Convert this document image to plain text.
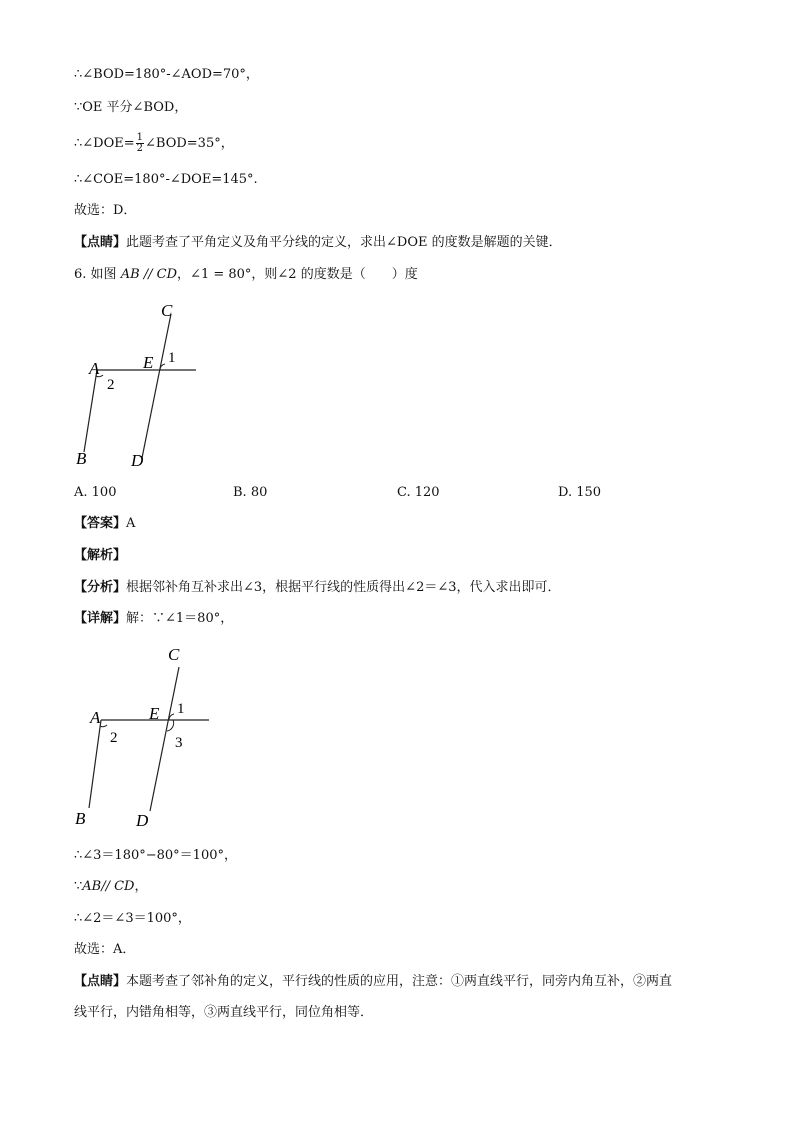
∴∠BOD=180°-∠AOD=70°，
∵OE 平分∠BOD，
∴∠DOE= $\frac{1}{2}$ ∠BOD=35°，
∴∠COE=180°-∠DOE=145°.
故选：D．
【点睛】此题考查了平角定义及角平分线的定义，求出∠DOE 的度数是解题的关键．
6. 如图 AB // CD，∠1 = 80°，则∠2 的度数是（　　）度
C
A	E 1
2
B	D
A. 100	B. 80	C. 120	D. 150
【答案】A
【解析】
【分析】根据邻补角互补求出∠3，根据平行线的性质得出∠2＝∠3，代入求出即可．
【详解】解：∵∠1＝80°，
C
A	E 1
2	3
B	D
∴∠3＝180°−80°＝100°，
∵AB// CD，
∴∠2＝∠3＝100°，
故选：A．
【点睛】本题考查了邻补角的定义，平行线的性质的应用，注意：①两直线平行，同旁内角互补，②两直
线平行，内错角相等，③两直线平行，同位角相等．
